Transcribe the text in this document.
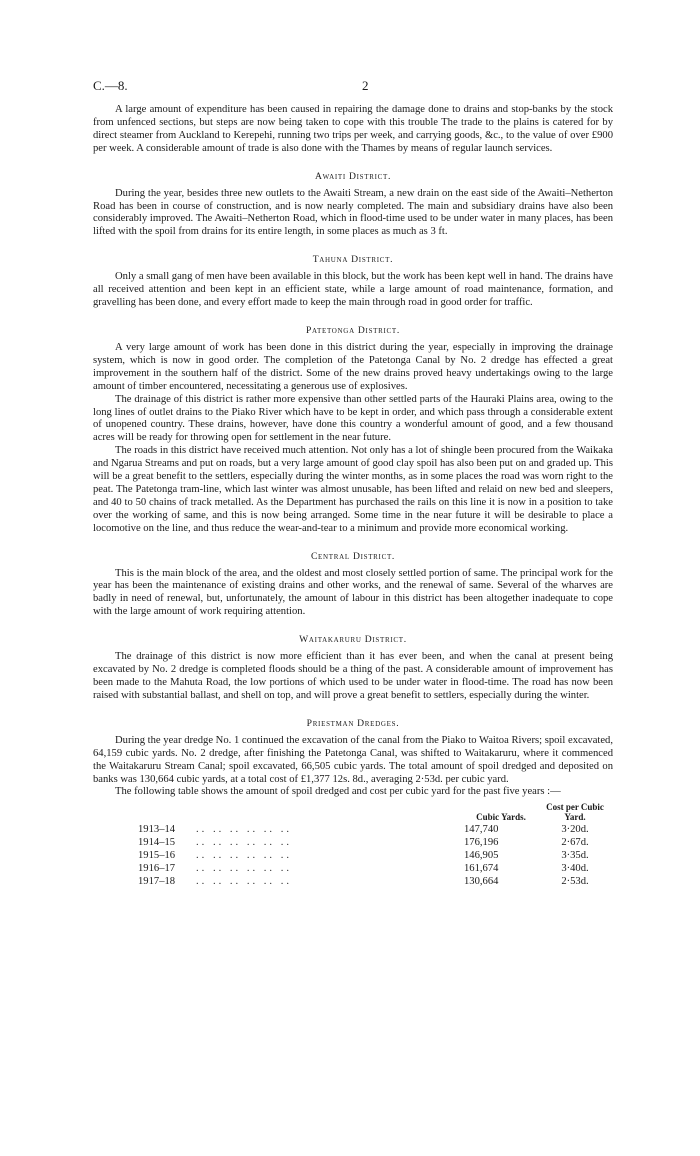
C.—8.	2

A large amount of expenditure has been caused in repairing the damage done to drains and stop-banks by the stock from unfenced sections, but steps are now being taken to cope with this trouble The trade to the plains is catered for by direct steamer from Auckland to Kerepehi, running two trips per week, and carrying goods, &c., to the value of over £900 per week. A considerable amount of trade is also done with the Thames by means of regular launch services.

Awaiti District.

During the year, besides three new outlets to the Awaiti Stream, a new drain on the east side of the Awaiti–Netherton Road has been in course of construction, and is now nearly completed. The main and subsidiary drains have also been considerably improved. The Awaiti–Netherton Road, which in flood-time used to be under water in many places, has been lifted with the spoil from drains for its entire length, in some places as much as 3 ft.

Tahuna District.

Only a small gang of men have been available in this block, but the work has been kept well in hand. The drains have all received attention and been kept in an efficient state, while a large amount of road maintenance, formation, and gravelling has been done, and every effort made to keep the main through road in good order for traffic.

Patetonga District.

A very large amount of work has been done in this district during the year, especially in improving the drainage system, which is now in good order. The completion of the Patetonga Canal by No. 2 dredge has effected a great improvement in the southern half of the district. Some of the new drains proved heavy undertakings owing to the large amount of timber encountered, necessitating a generous use of explosives.

The drainage of this district is rather more expensive than other settled parts of the Hauraki Plains area, owing to the long lines of outlet drains to the Piako River which have to be kept in order, and which pass through a considerable extent of unopened country. These drains, however, have done this country a wonderful amount of good, and a few thousand acres will be ready for throwing open for settlement in the near future.

The roads in this district have received much attention. Not only has a lot of shingle been procured from the Waikaka and Ngarua Streams and put on roads, but a very large amount of good clay spoil has also been put on and graded up. This will be a great benefit to the settlers, especially during the winter months, as in some places the road was worn right to the peat. The Patetonga tram-line, which last winter was almost unusable, has been lifted and relaid on new bed and sleepers, and 40 to 50 chains of track metalled. As the Department has purchased the rails on this line it is now in a position to take over the working of same, and this is now being arranged. Some time in the near future it will be desirable to place a locomotive on the line, and thus reduce the wear-and-tear to a minimum and provide more economical working.

Central District.

This is the main block of the area, and the oldest and most closely settled portion of same. The principal work for the year has been the maintenance of existing drains and other works, and the renewal of same. Several of the wharves are badly in need of renewal, but, unfortunately, the amount of labour in this district has been altogether inadequate to cope with the large amount of work requiring attention.

Waitakaruru District.

The drainage of this district is now more efficient than it has ever been, and when the canal at present being excavated by No. 2 dredge is completed floods should be a thing of the past. A considerable amount of improvement has been made to the Mahuta Road, the low portions of which used to be under water in flood-time. The road has now been raised with substantial ballast, and shell on top, and will prove a great benefit to settlers, especially during the winter.

Priestman Dredges.

During the year dredge No. 1 continued the excavation of the canal from the Piako to Waitoa Rivers; spoil excavated, 64,159 cubic yards. No. 2 dredge, after finishing the Patetonga Canal, was shifted to Waitakaruru, where it commenced the Waitakaruru Stream Canal; spoil excavated, 66,505 cubic yards. The total amount of spoil dredged and deposited on banks was 130,664 cubic yards, at a total cost of £1,377 12s. 8d., averaging 2·53d. per cubic yard.

The following table shows the amount of spoil dredged and cost per cubic yard for the past five years :—

		Cubic Yards.	Cost per Cubic Yard.
1913–14	.. .. .. .. .. ..	147,740	3·20d.
1914–15	.. .. .. .. .. ..	176,196	2·67d.
1915–16	.. .. .. .. .. ..	146,905	3·35d.
1916–17	.. .. .. .. .. ..	161,674	3·40d.
1917–18	.. .. .. .. .. ..	130,664	2·53d.
